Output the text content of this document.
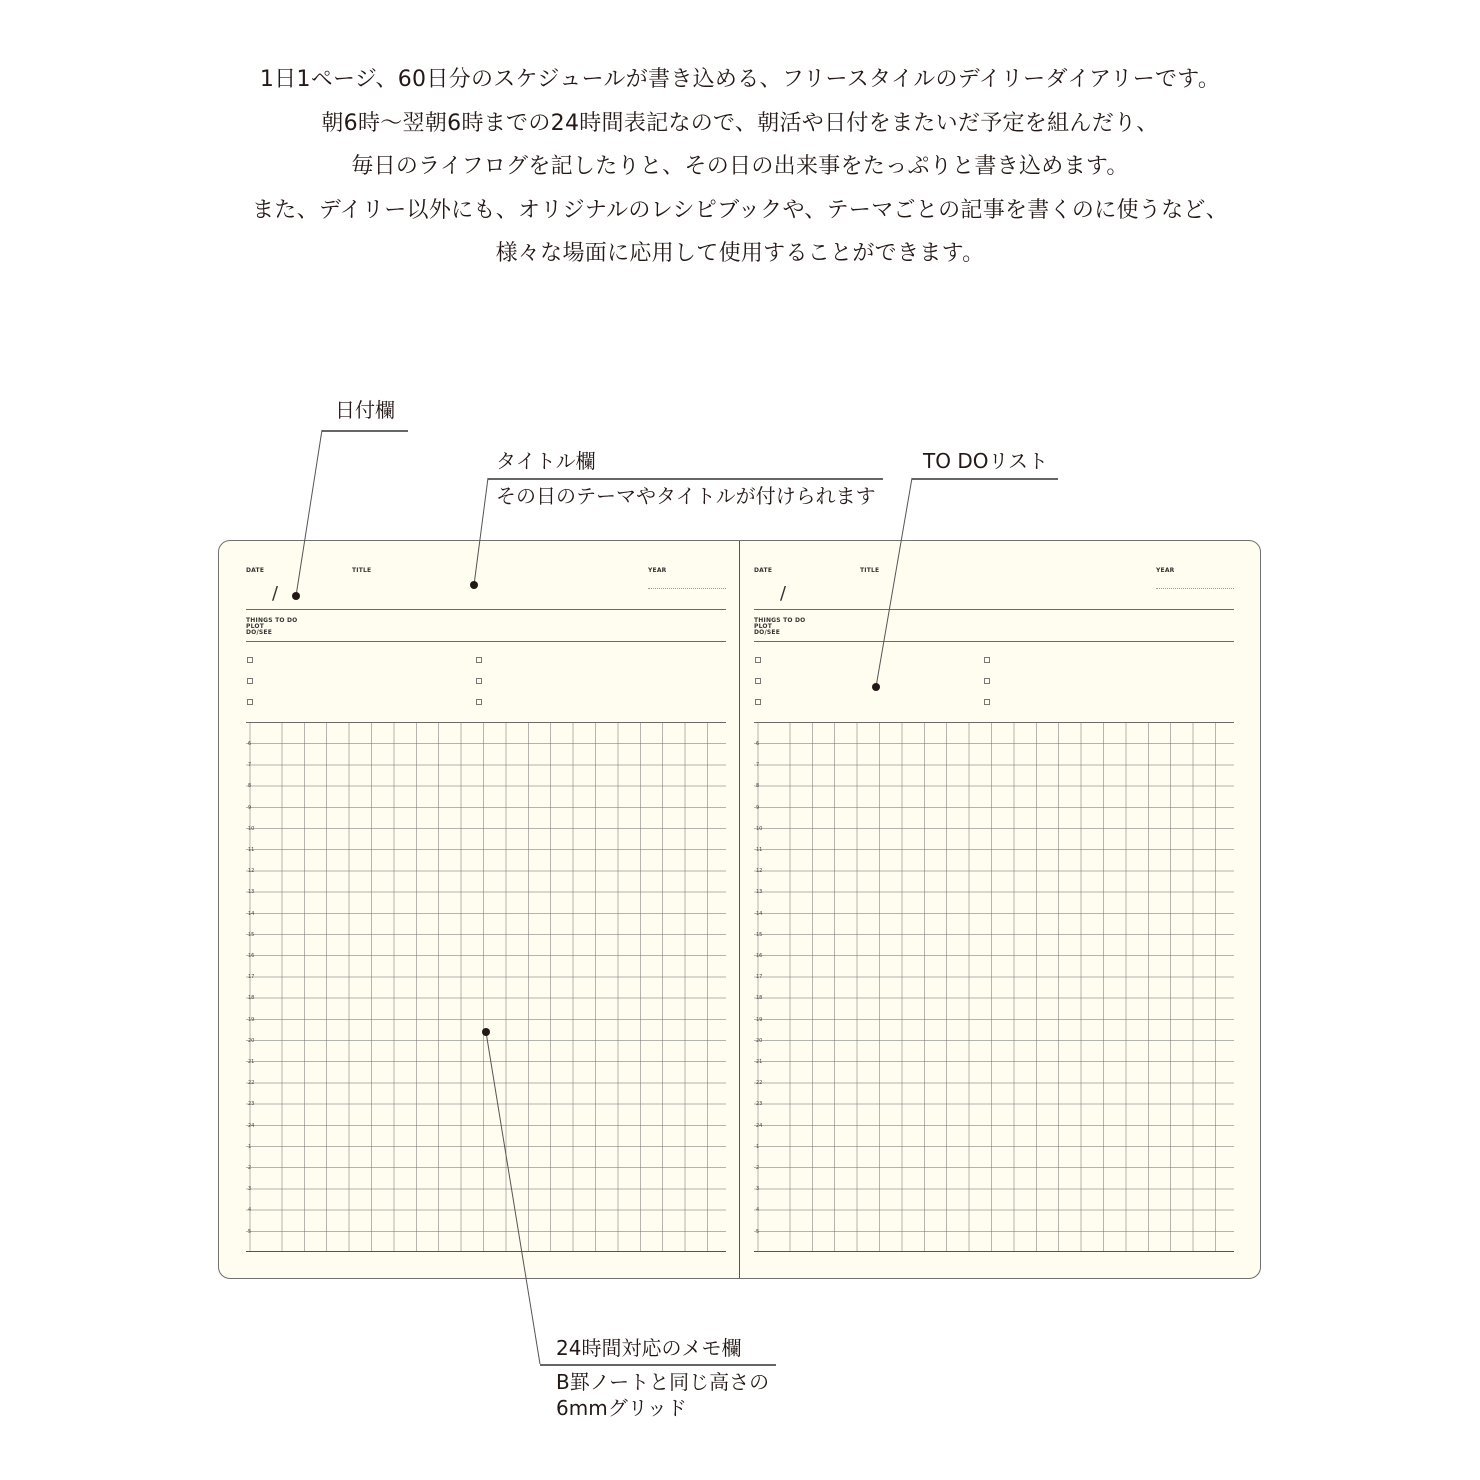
1日1ページ、60日分のスケジュールが書き込める、フリースタイルのデイリーダイアリーです。

朝6時〜翌朝6時までの24時間表記なので、朝活や日付をまたいだ予定を組んだり、

毎日のライフログを記したりと、その日の出来事をたっぷりと書き込めます。

また、デイリー以外にも、オリジナルのレシピブックや、テーマごとの記事を書くのに使うなど、

様々な場面に応用して使用することができます。

日付欄
タイトル欄
その日のテーマやタイトルが付けられます
TO DOリスト
24時間対応のメモ欄
B罫ノートと同じ高さの
6mmグリッド
DATE	TITLE	YEAR
/
THINGS TO DO
PLOT
DO/SEE
6
7
8
9
10
11
12
13
14
15
16
17
18
19
20
21
22
23
24
1
2
3
4
5
DATE	TITLE	YEAR
/
THINGS TO DO
PLOT
DO/SEE
6
7
8
9
10
11
12
13
14
15
16
17
18
19
20
21
22
23
24
1
2
3
4
5
